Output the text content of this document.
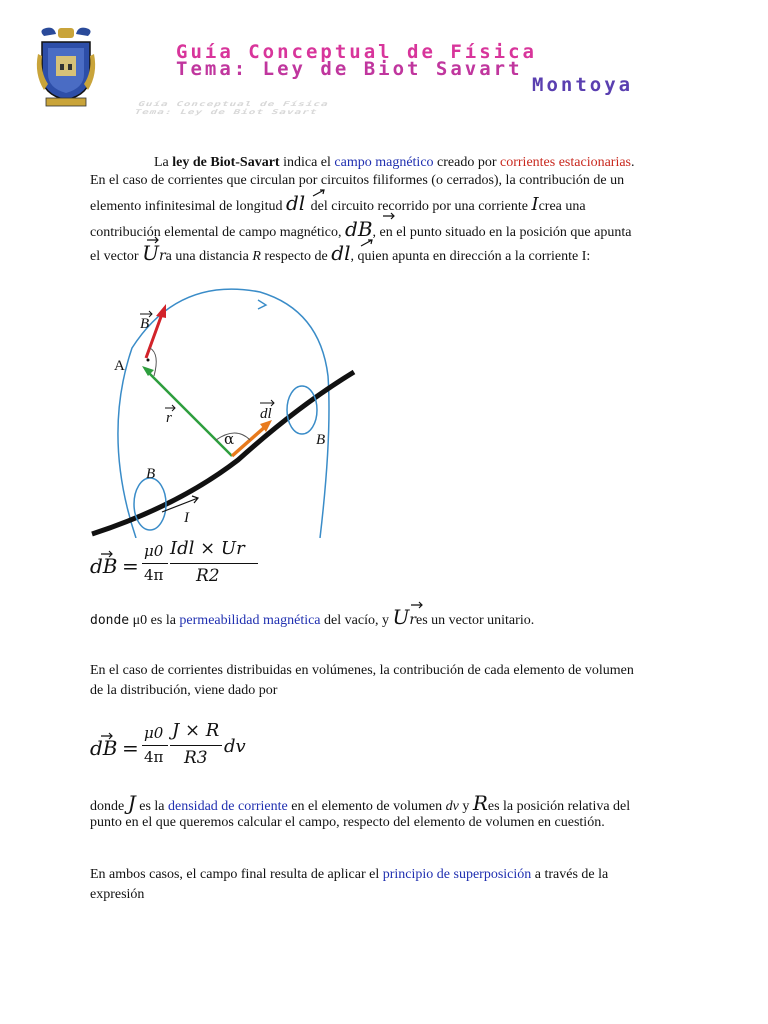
Guía Conceptual de Física
Tema: Ley de Biot Savart
Montoya
Guía Conceptual de Física
Tema: Ley de Biot Savart
La ley de Biot-Savart indica el campo magnético creado por corrientes estacionarias.
En el caso de corrientes que circulan por circuitos filiformes (o cerrados), la contribución de un
elemento infinitesimal de longitud dl del circuito recorrido por una corriente Icrea una
contribución elemental de campo magnético, dB, en el punto situado en la posición que apunta
el vector Ura una distancia R respecto de dl, quien apunta en dirección a la corriente I:
A
B
r	dl
α	B
B
I
dB =
μ0
4π
Idl × Ur
R2
donde μ0 es la permeabilidad magnética del vacío, y Ures un vector unitario.
En el caso de corrientes distribuidas en volúmenes, la contribución de cada elemento de volumen
de la distribución, viene dado por
dB =
μ0
4π
J × R
R3
dv
donde J es la densidad de corriente en el elemento de volumen dv y Res la posición relativa del
punto en el que queremos calcular el campo, respecto del elemento de volumen en cuestión.
En ambos casos, el campo final resulta de aplicar el principio de superposición a través de la
expresión
